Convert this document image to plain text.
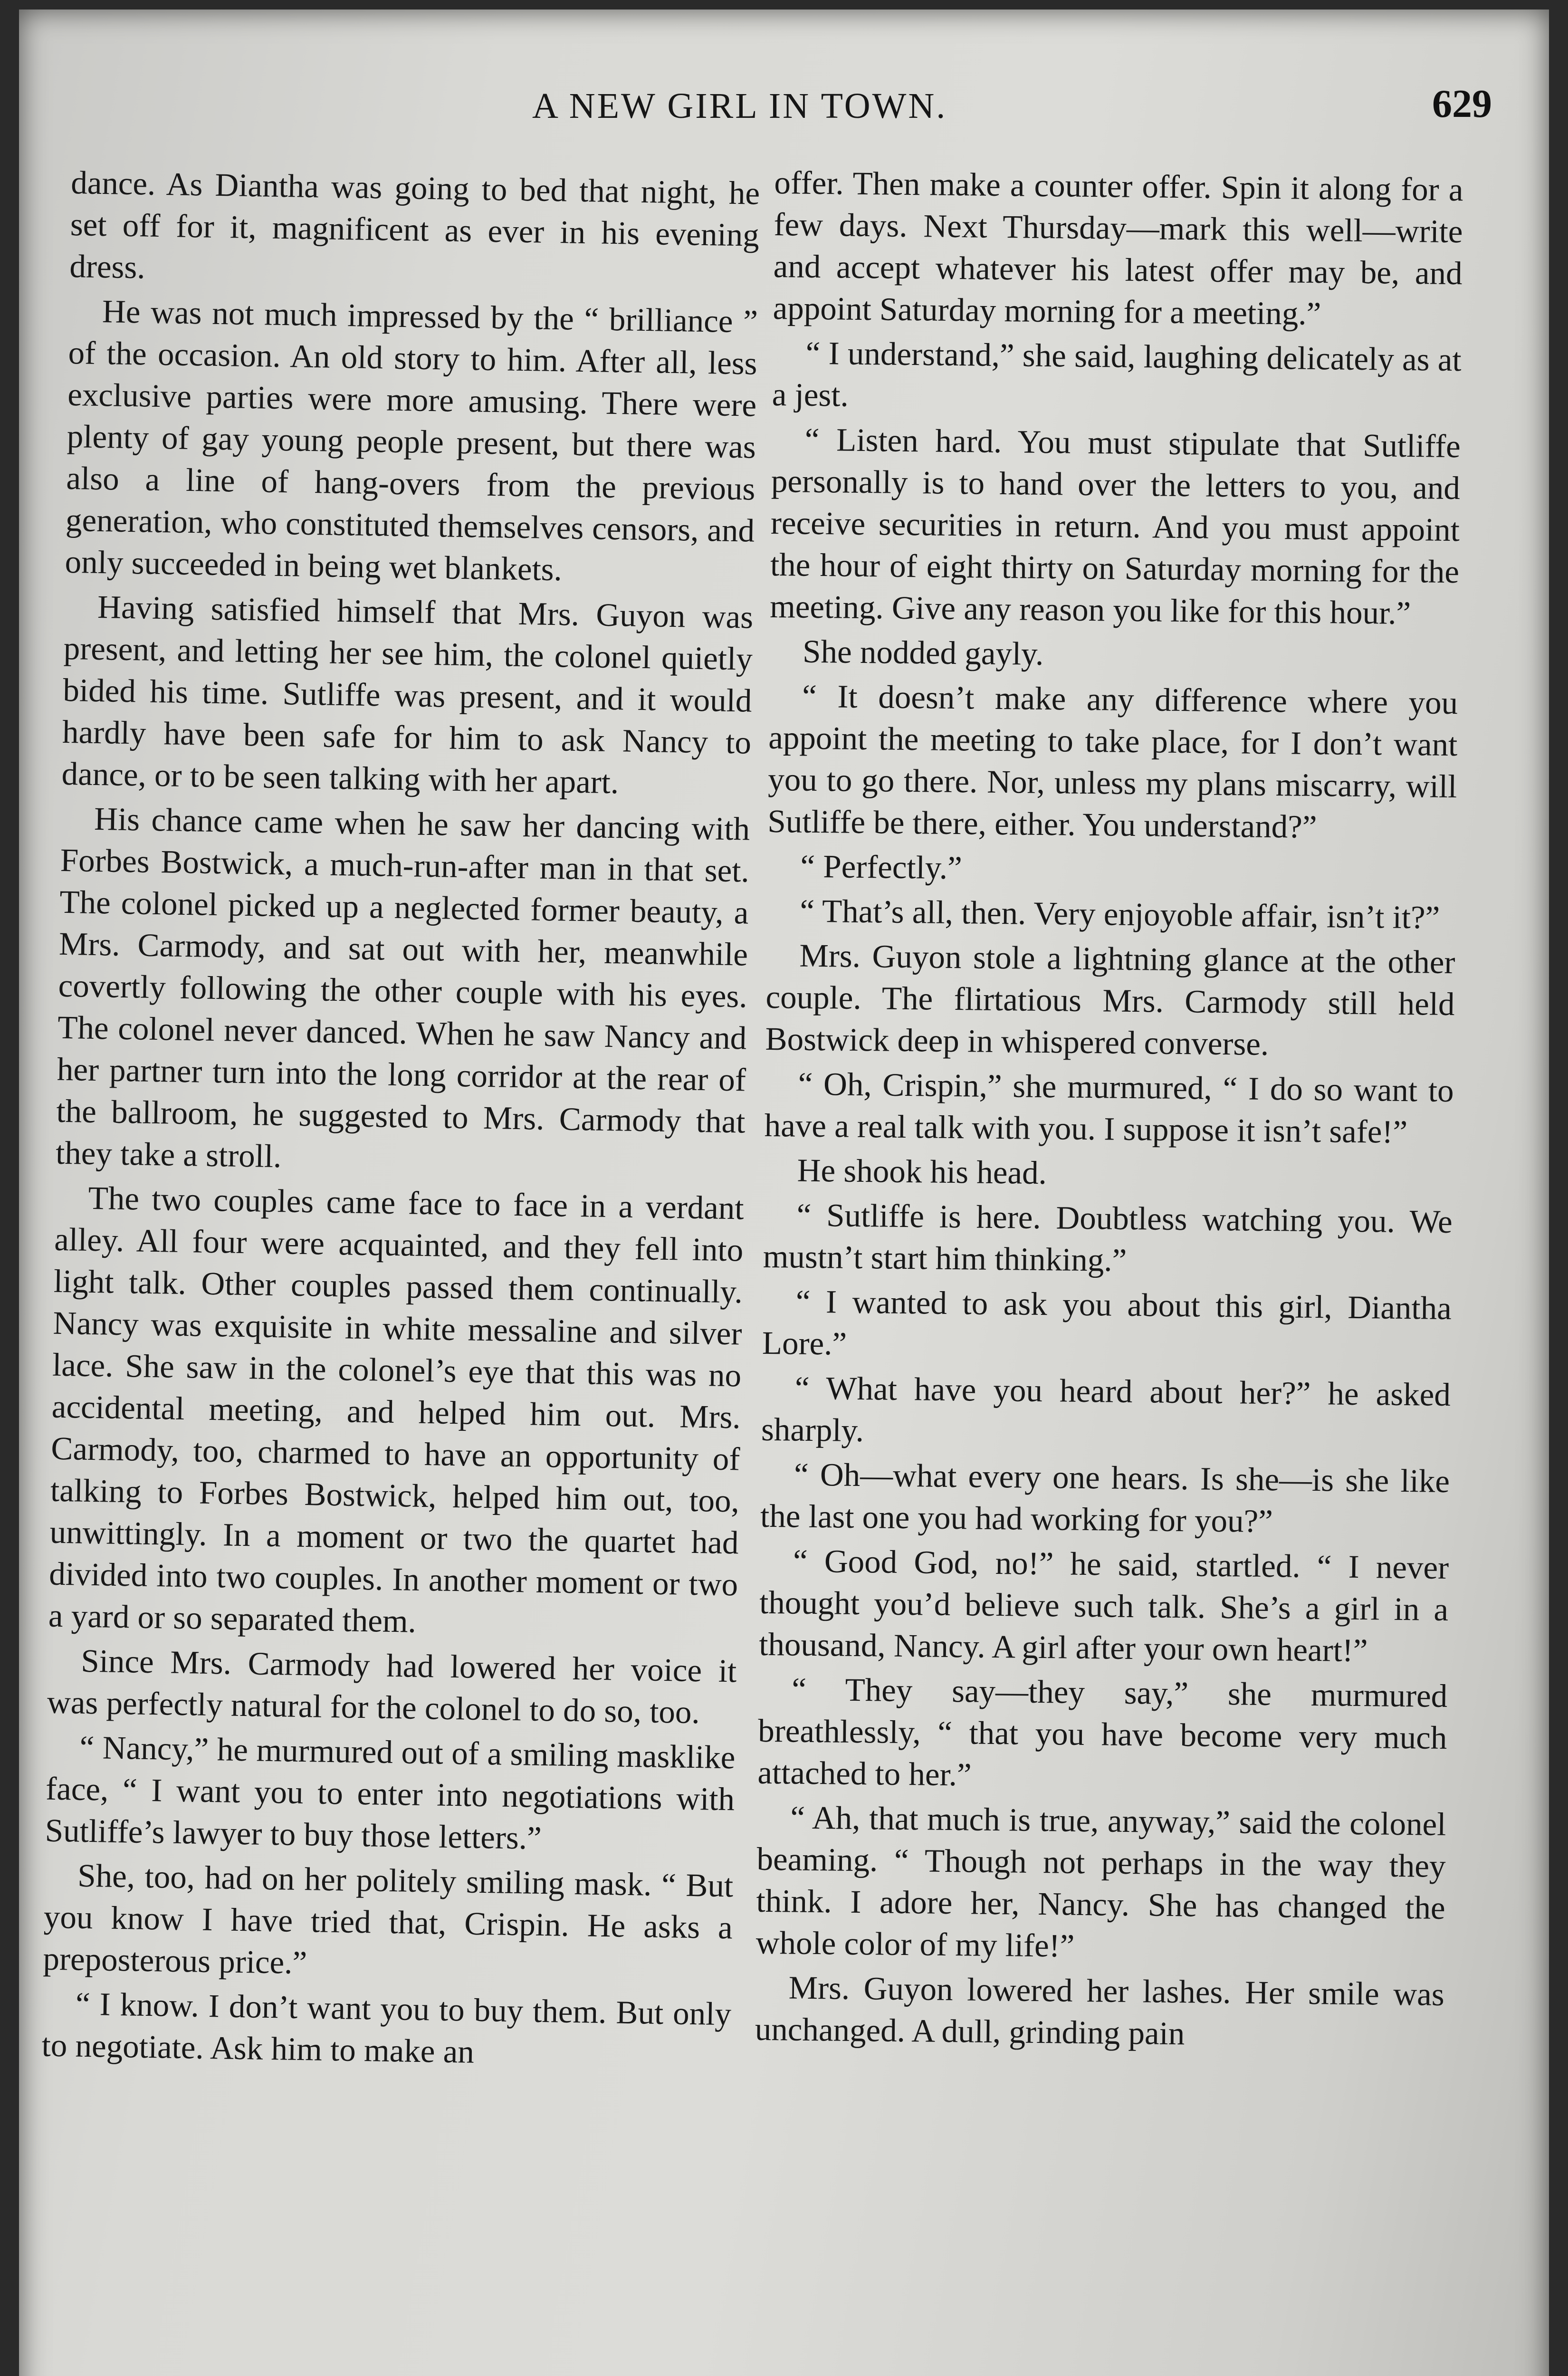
A NEW GIRL IN TOWN.	629

dance. As Diantha was going to bed that night, he set off for it, magnificent as ever in his evening dress.

He was not much impressed by the “ brilliance ” of the occasion. An old story to him. After all, less exclusive parties were more amusing. There were plenty of gay young people present, but there was also a line of hang-overs from the previous generation, who constituted themselves censors, and only succeeded in being wet blankets.

Having satisfied himself that Mrs. Guyon was present, and letting her see him, the colonel quietly bided his time. Sutliffe was present, and it would hardly have been safe for him to ask Nancy to dance, or to be seen talking with her apart.

His chance came when he saw her dancing with Forbes Bostwick, a much-run-after man in that set. The colonel picked up a neglected former beauty, a Mrs. Carmody, and sat out with her, meanwhile covertly following the other couple with his eyes. The colonel never danced. When he saw Nancy and her partner turn into the long corridor at the rear of the ballroom, he suggested to Mrs. Carmody that they take a stroll.

The two couples came face to face in a verdant alley. All four were acquainted, and they fell into light talk. Other couples passed them continually. Nancy was exquisite in white messaline and silver lace. She saw in the colonel’s eye that this was no accidental meeting, and helped him out. Mrs. Carmody, too, charmed to have an opportunity of talking to Forbes Bostwick, helped him out, too, unwittingly. In a moment or two the quartet had divided into two couples. In another moment or two a yard or so separated them.

Since Mrs. Carmody had lowered her voice it was perfectly natural for the colonel to do so, too.

“ Nancy,” he murmured out of a smiling masklike face, “ I want you to enter into negotiations with Sutliffe’s lawyer to buy those letters.”

She, too, had on her politely smiling mask. “ But you know I have tried that, Crispin. He asks a preposterous price.”

“ I know. I don’t want you to buy them. But only to negotiate. Ask him to make an

offer. Then make a counter offer. Spin it along for a few days. Next Thursday—mark this well—write and accept whatever his latest offer may be, and appoint Saturday morning for a meeting.”

“ I understand,” she said, laughing delicately as at a jest.

“ Listen hard. You must stipulate that Sutliffe personally is to hand over the letters to you, and receive securities in return. And you must appoint the hour of eight thirty on Saturday morning for the meeting. Give any reason you like for this hour.”

She nodded gayly.

“ It doesn’t make any difference where you appoint the meeting to take place, for I don’t want you to go there. Nor, unless my plans miscarry, will Sutliffe be there, either. You understand?”

“ Perfectly.”

“ That’s all, then. Very enjoyoble affair, isn’t it?”

Mrs. Guyon stole a lightning glance at the other couple. The flirtatious Mrs. Carmody still held Bostwick deep in whispered converse.

“ Oh, Crispin,” she murmured, “ I do so want to have a real talk with you. I suppose it isn’t safe!”

He shook his head.

“ Sutliffe is here. Doubtless watching you. We mustn’t start him thinking.”

“ I wanted to ask you about this girl, Diantha Lore.”

“ What have you heard about her?” he asked sharply.

“ Oh—what every one hears. Is she—is she like the last one you had working for you?”

“ Good God, no!” he said, startled. “ I never thought you’d believe such talk. She’s a girl in a thousand, Nancy. A girl after your own heart!”

“ They say—they say,” she murmured breathlessly, “ that you have become very much attached to her.”

“ Ah, that much is true, anyway,” said the colonel beaming. “ Though not perhaps in the way they think. I adore her, Nancy. She has changed the whole color of my life!”

Mrs. Guyon lowered her lashes. Her smile was unchanged. A dull, grinding pain
